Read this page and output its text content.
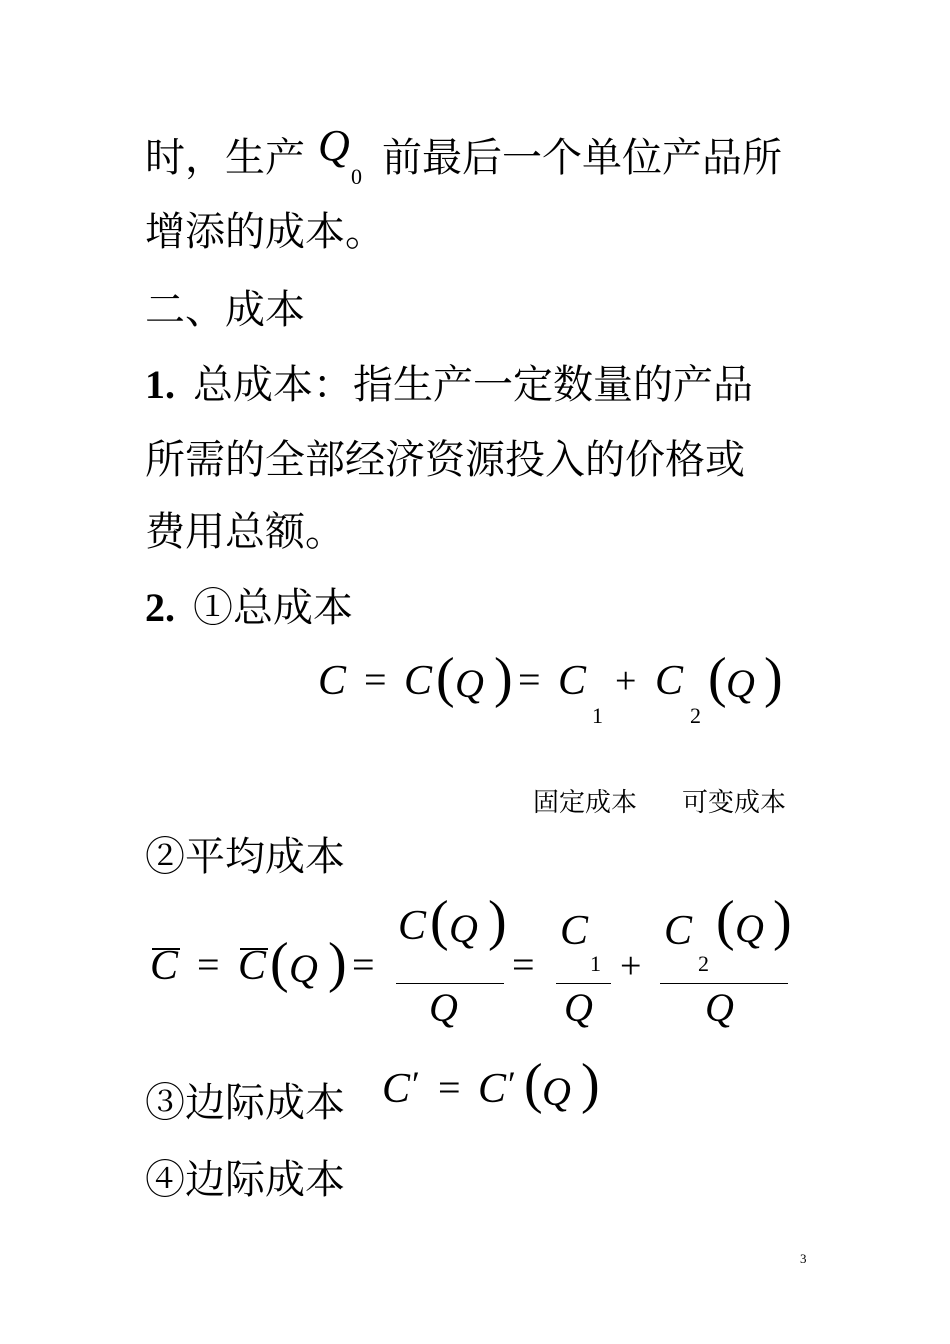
时，生产 Q
0 前最后一个单位产品所
增添的成本。
二、成本
1. 总成本：指生产一定数量的产品
所需的全部经济资源投入的价格或
费用总额。
2. ①总成本
C = C ( Q ) = C
1
+ C
2
( Q )
固定成本 可变成本
②平均成本
C = C ( Q ) =
C ( Q )
Q
=
C
1
Q
+
C
2
( Q )
Q
③边际成本 C ′ = C ′ ( Q )
④边际成本
3
